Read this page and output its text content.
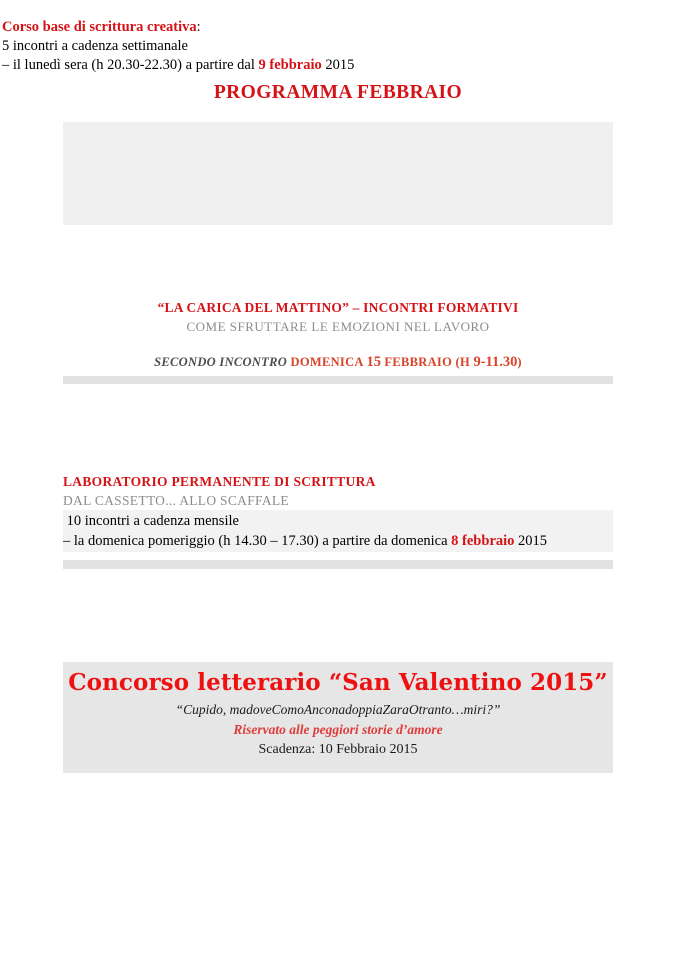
PROGRAMMA FEBBRAIO
Corso base di scrittura creativa:
5 incontri a cadenza settimanale
– il lunedì sera (h 20.30-22.30) a partire dal 9 febbraio 2015
“LA CARICA DEL MATTINO” – INCONTRI FORMATIVI
COME SFRUTTARE LE EMOZIONI NEL LAVORO
SECONDO INCONTRO DOMENICA 15 FEBBRAIO (H 9-11.30)
LABORATORIO PERMANENTE DI SCRITTURA
DAL CASSETTO... ALLO SCAFFALE
10 incontri a cadenza mensile
– la domenica pomeriggio (h 14.30 – 17.30) a partire da domenica 8 febbraio 2015
Concorso letterario “San Valentino 2015”
“Cupido, madoveComoAnconadoppiaZaraOtranto…miri?”
Riservato alle peggiori storie d’amore
Scadenza: 10 Febbraio 2015
